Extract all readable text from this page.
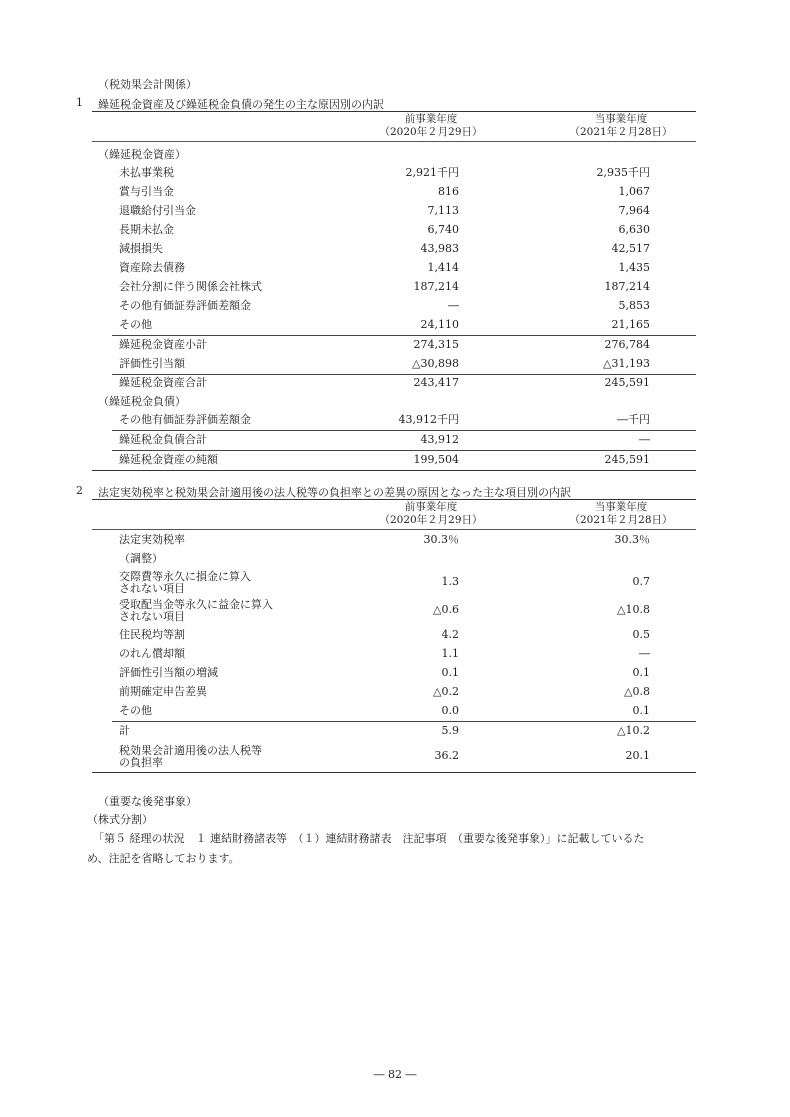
（税効果会計関係）
1 繰延税金資産及び繰延税金負債の発生の主な原因別の内訳
前事業年度
（2020年２月29日）
当事業年度
（2021年２月28日）
（繰延税金資産）
未払事業税	2,921千円	2,935千円
賞与引当金	816	1,067
退職給付引当金	7,113	7,964
長期未払金	6,740	6,630
減損損失	43,983	42,517
資産除去債務	1,414	1,435
会社分割に伴う関係会社株式	187,214	187,214
その他有価証券評価差額金	―	5,853
その他	24,110	21,165
繰延税金資産小計	274,315	276,784
評価性引当額	△30,898	△31,193
繰延税金資産合計	243,417	245,591
（繰延税金負債）
その他有価証券評価差額金	43,912千円	―千円
繰延税金負債合計	43,912	―
繰延税金資産の純額	199,504	245,591
2 法定実効税率と税効果会計適用後の法人税等の負担率との差異の原因となった主な項目別の内訳
前事業年度
（2020年２月29日）
当事業年度
（2021年２月28日）
法定実効税率	30.3％	30.3％
（調整）
交際費等永久に損金に算入
されない項目
1.3	0.7
受取配当金等永久に益金に算入
されない項目
△0.6	△10.8
住民税均等割	4.2	0.5
のれん償却額	1.1	―
評価性引当額の増減	0.1	0.1
前期確定申告差異	△0.2	△0.8
その他	0.0	0.1
計	5.9	△10.2
税効果会計適用後の法人税等
の負担率
36.2	20.1
（重要な後発事象）
（株式分割）
「第５ 経理の状況　１ 連結財務諸表等　（１）連結財務諸表　注記事項　（重要な後発事象）」に記載しているた
め、注記を省略しております。
― 82 ―
